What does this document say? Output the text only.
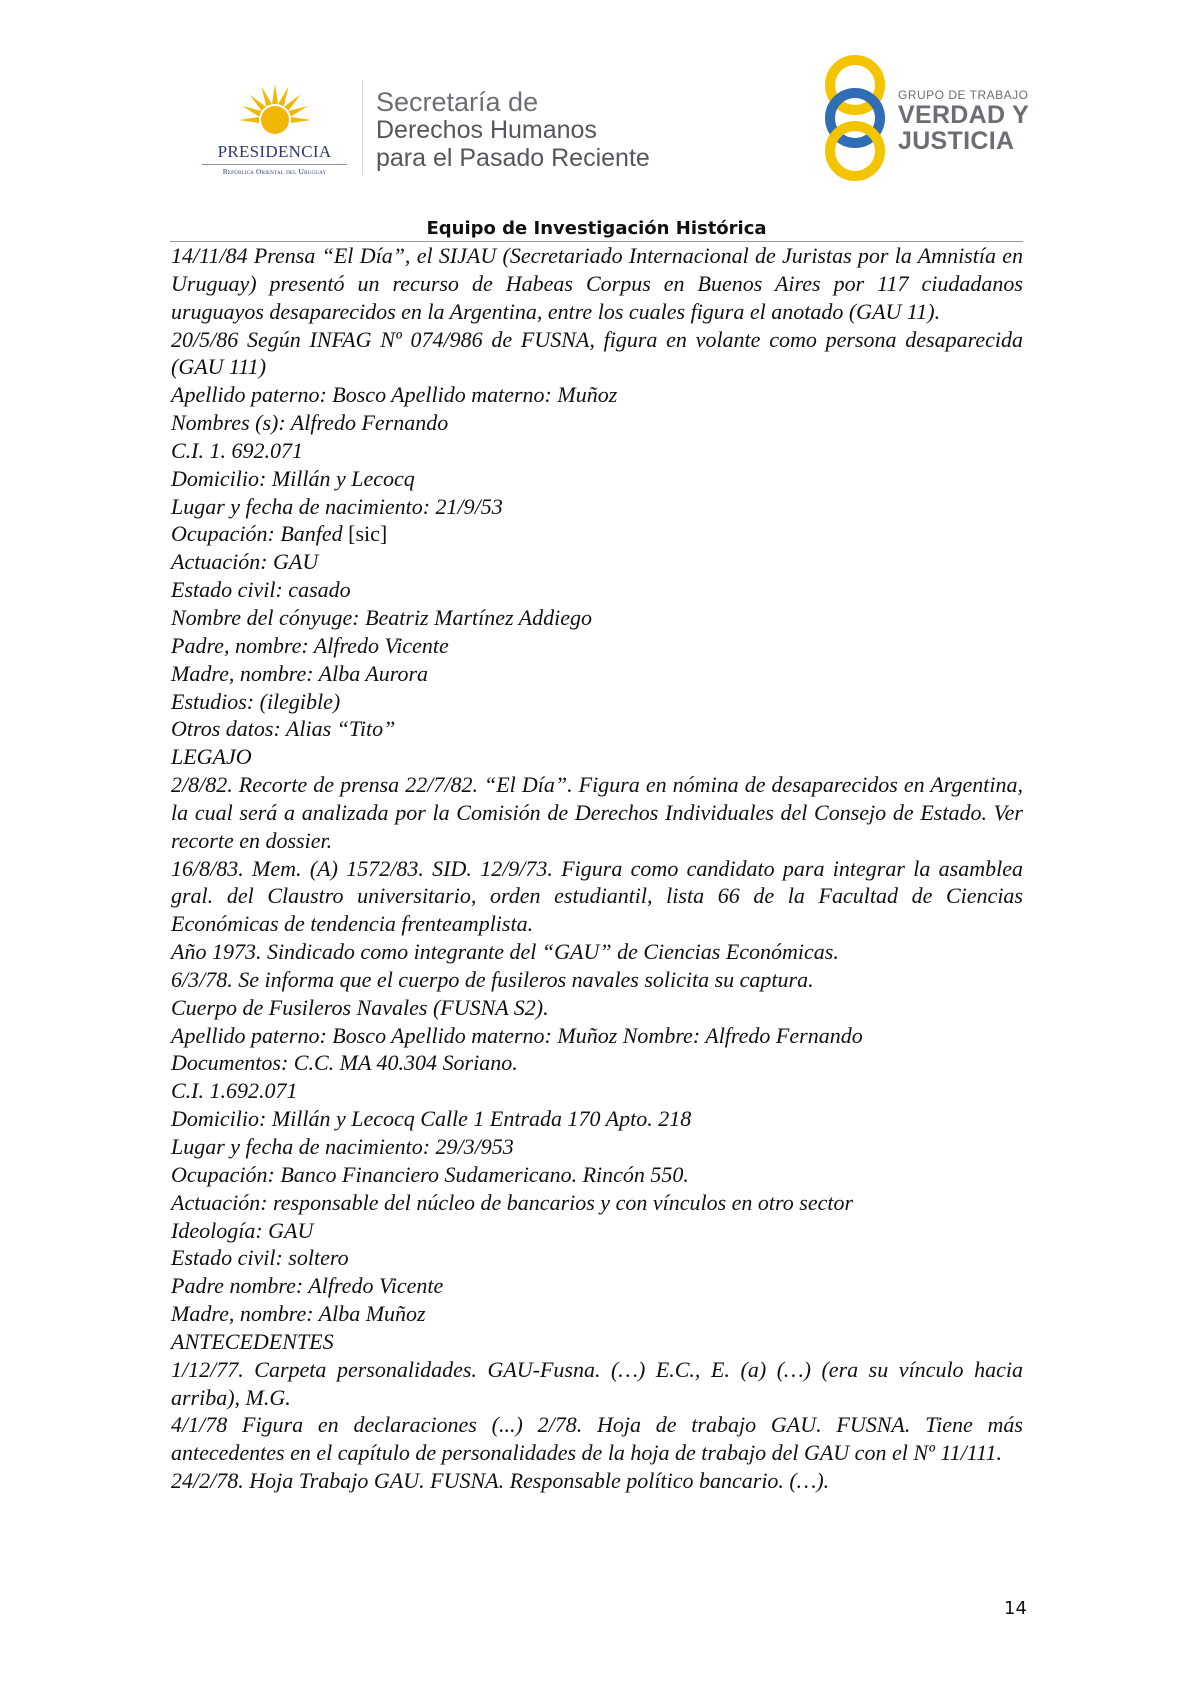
PRESIDENCIA
República Oriental del Uruguay
Secretaría de
Derechos Humanos
para el Pasado Reciente
GRUPO DE TRABAJO
VERDAD Y
JUSTICIA
Equipo de Investigación Histórica

14/11/84 Prensa “El Día”, el SIJAU (Secretariado Internacional de Juristas por la Amnistía en Uruguay) presentó un recurso de Habeas Corpus en Buenos Aires por 117 ciudadanos uruguayos desaparecidos en la Argentina, entre los cuales figura el anotado (GAU 11).

20/5/86 Según INFAG Nº 074/986 de FUSNA, figura en volante como persona desaparecida (GAU 111)

Apellido paterno: Bosco Apellido materno: Muñoz

Nombres (s): Alfredo Fernando

C.I. 1. 692.071

Domicilio: Millán y Lecocq

Lugar y fecha de nacimiento: 21/9/53

Ocupación: Banfed [sic]

Actuación: GAU

Estado civil: casado

Nombre del cónyuge: Beatriz Martínez Addiego

Padre, nombre: Alfredo Vicente

Madre, nombre: Alba Aurora

Estudios: (ilegible)

Otros datos: Alias “Tito”

LEGAJO

2/8/82. Recorte de prensa 22/7/82. “El Día”. Figura en nómina de desaparecidos en Argentina, la cual será a analizada por la Comisión de Derechos Individuales del Consejo de Estado. Ver recorte en dossier.

16/8/83. Mem. (A) 1572/83. SID. 12/9/73. Figura como candidato para integrar la asamblea gral. del Claustro universitario, orden estudiantil, lista 66 de la Facultad de Ciencias Económicas de tendencia frenteamplista.

Año 1973. Sindicado como integrante del “GAU” de Ciencias Económicas.

6/3/78. Se informa que el cuerpo de fusileros navales solicita su captura.

Cuerpo de Fusileros Navales (FUSNA S2).

Apellido paterno: Bosco Apellido materno: Muñoz Nombre: Alfredo Fernando

Documentos: C.C. MA 40.304 Soriano.

C.I. 1.692.071

Domicilio: Millán y Lecocq Calle 1 Entrada 170 Apto. 218

Lugar y fecha de nacimiento: 29/3/953

Ocupación: Banco Financiero Sudamericano. Rincón 550.

Actuación: responsable del núcleo de bancarios y con vínculos en otro sector

Ideología: GAU

Estado civil: soltero

Padre nombre: Alfredo Vicente

Madre, nombre: Alba Muñoz

ANTECEDENTES

1/12/77. Carpeta personalidades. GAU-Fusna. (…) E.C., E. (a) (…) (era su vínculo hacia arriba), M.G.

4/1/78 Figura en declaraciones (...) 2/78. Hoja de trabajo GAU. FUSNA. Tiene más antecedentes en el capítulo de personalidades de la hoja de trabajo del GAU con el Nº 11/111.

24/2/78. Hoja Trabajo GAU. FUSNA. Responsable político bancario. (…).

14
